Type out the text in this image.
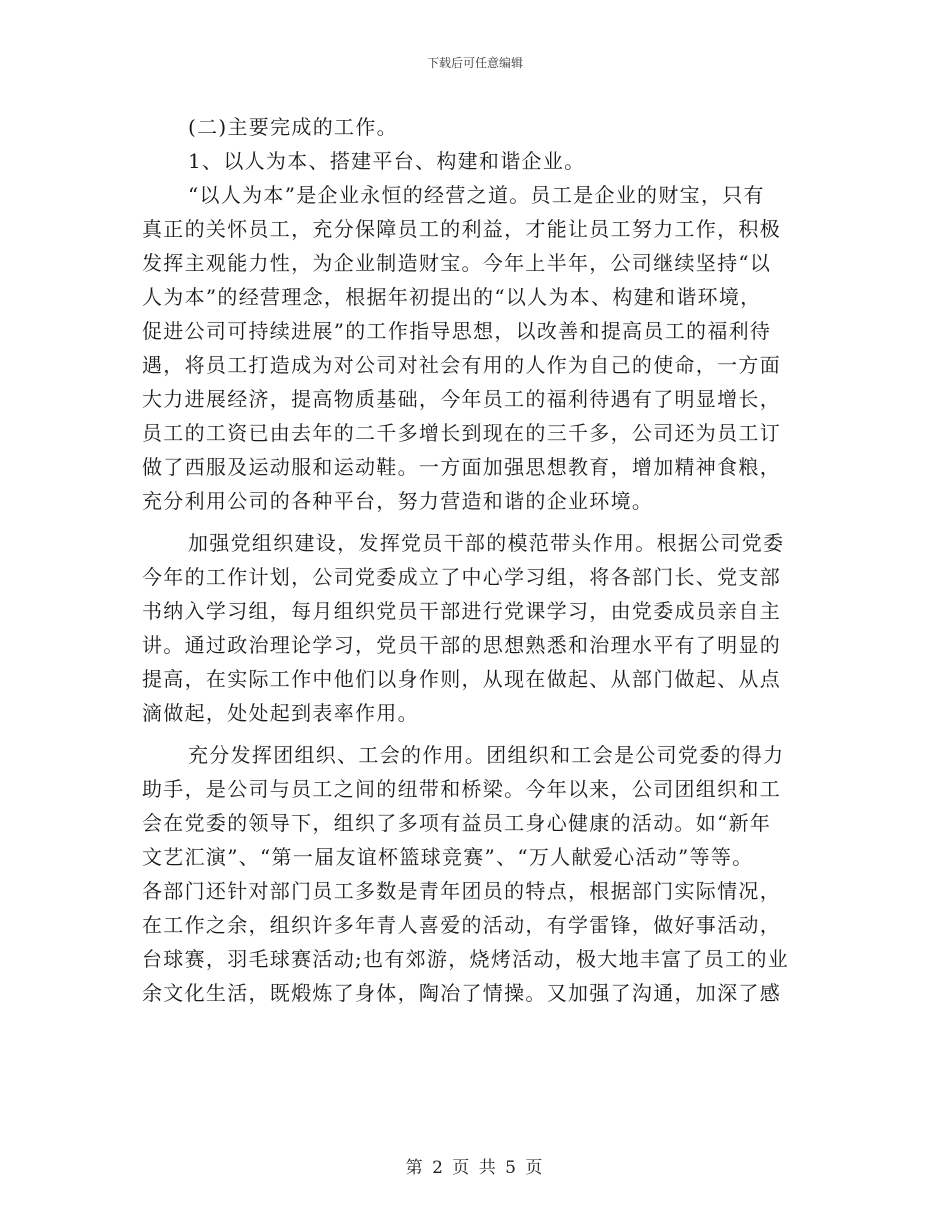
下载后可任意编辑
(二)主要完成的工作。
1、以人为本、搭建平台、构建和谐企业。
“以人为本”是企业永恒的经营之道。员工是企业的财宝，只有
真正的关怀员工，充分保障员工的利益，才能让员工努力工作，积极
发挥主观能力性，为企业制造财宝。今年上半年，公司继续坚持“以
人为本”的经营理念，根据年初提出的“以人为本、构建和谐环境，
促进公司可持续进展”的工作指导思想，以改善和提高员工的福利待
遇，将员工打造成为对公司对社会有用的人作为自己的使命，一方面
大力进展经济，提高物质基础，今年员工的福利待遇有了明显增长，
员工的工资已由去年的二千多增长到现在的三千多，公司还为员工订
做了西服及运动服和运动鞋。一方面加强思想教育，增加精神食粮，
充分利用公司的各种平台，努力营造和谐的企业环境。
加强党组织建设，发挥党员干部的模范带头作用。根据公司党委
今年的工作计划，公司党委成立了中心学习组，将各部门长、党支部
书纳入学习组，每月组织党员干部进行党课学习，由党委成员亲自主
讲。通过政治理论学习，党员干部的思想熟悉和治理水平有了明显的
提高，在实际工作中他们以身作则，从现在做起、从部门做起、从点
滴做起，处处起到表率作用。
充分发挥团组织、工会的作用。团组织和工会是公司党委的得力
助手，是公司与员工之间的纽带和桥梁。今年以来，公司团组织和工
会在党委的领导下，组织了多项有益员工身心健康的活动。如“新年
文艺汇演”、“第一届友谊杯篮球竞赛”、“万人献爱心活动”等等。
各部门还针对部门员工多数是青年团员的特点，根据部门实际情况，
在工作之余，组织许多年青人喜爱的活动，有学雷锋，做好事活动，
台球赛，羽毛球赛活动;也有郊游，烧烤活动，极大地丰富了员工的业
余文化生活，既煅炼了身体，陶冶了情操。又加强了沟通，加深了感
第 2 页 共 5 页
